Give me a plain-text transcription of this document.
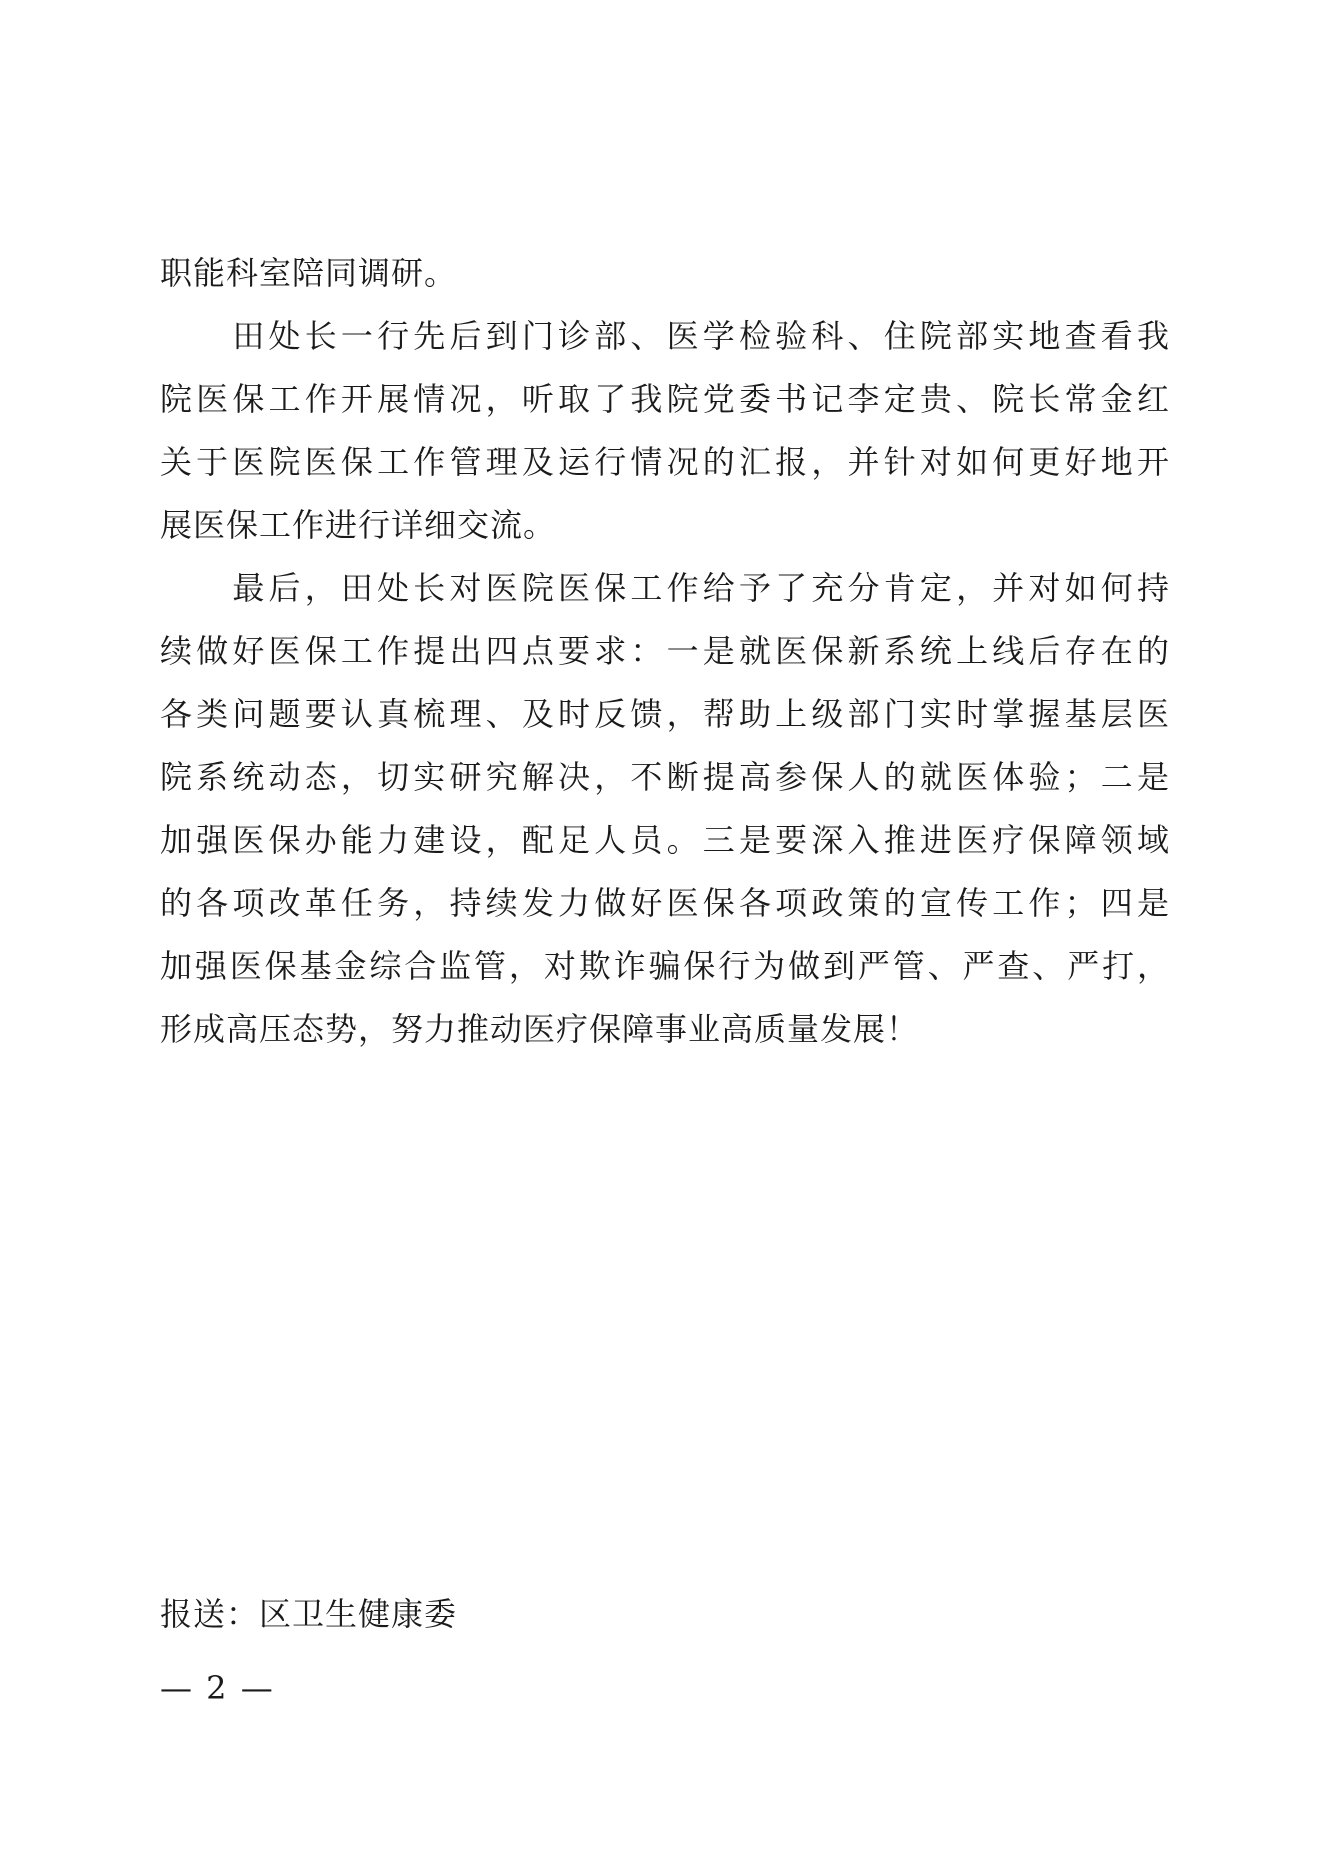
职能科室陪同调研。
　　田处长一行先后到门诊部、医学检验科、住院部实地查看我
院医保工作开展情况，听取了我院党委书记李定贵、院长常金红
关于医院医保工作管理及运行情况的汇报，并针对如何更好地开
展医保工作进行详细交流。
　　最后，田处长对医院医保工作给予了充分肯定，并对如何持
续做好医保工作提出四点要求：一是就医保新系统上线后存在的
各类问题要认真梳理、及时反馈，帮助上级部门实时掌握基层医
院系统动态，切实研究解决，不断提高参保人的就医体验；二是
加强医保办能力建设，配足人员。三是要深入推进医疗保障领域
的各项改革任务，持续发力做好医保各项政策的宣传工作；四是
加强医保基金综合监管，对欺诈骗保行为做到严管、严查、严打，
形成高压态势，努力推动医疗保障事业高质量发展！
报送：区卫生健康委
— 2 —
